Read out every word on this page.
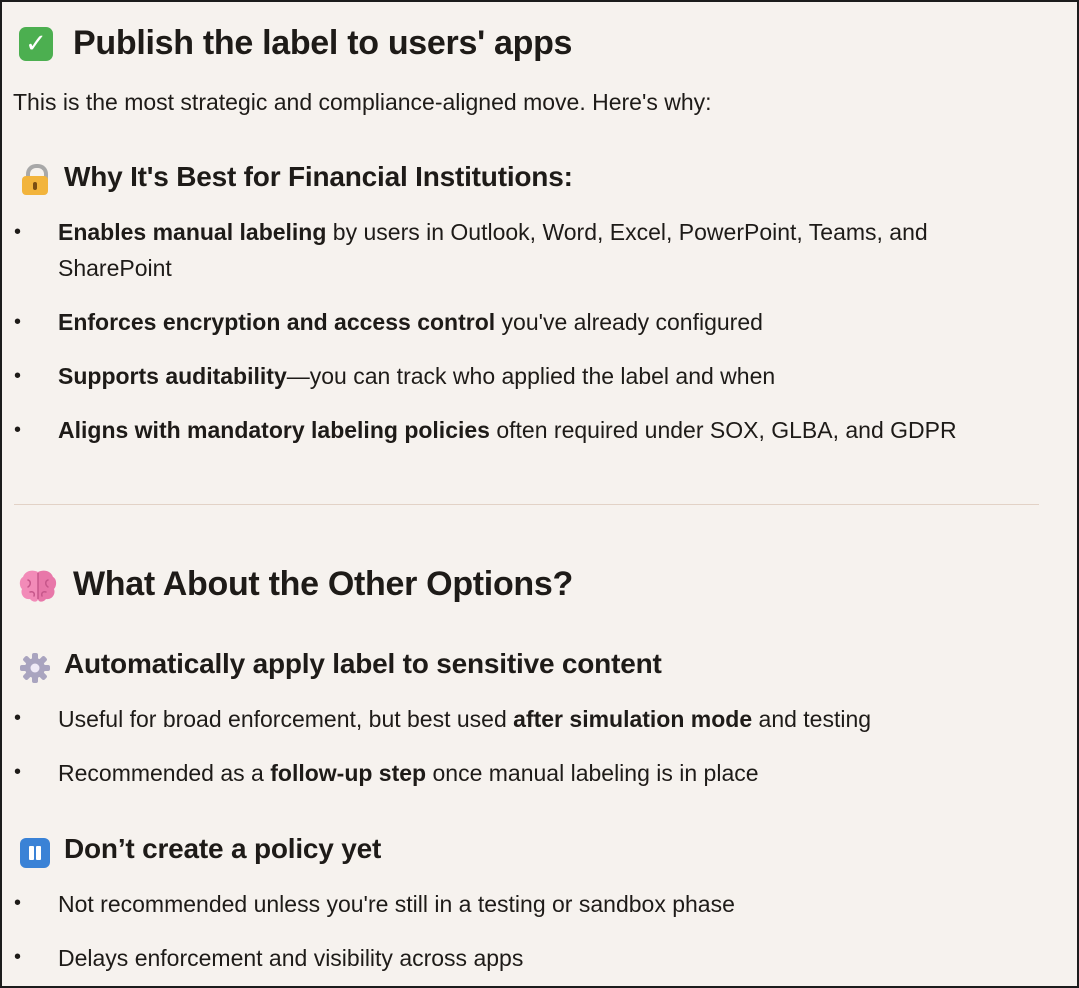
✓ Publish the label to users' apps
This is the most strategic and compliance-aligned move. Here's why:
Why It's Best for Financial Institutions:
• Enables manual labeling by users in Outlook, Word, Excel, PowerPoint, Teams, and SharePoint
• Enforces encryption and access control you've already configured
• Supports auditability—you can track who applied the label and when
• Aligns with mandatory labeling policies often required under SOX, GLBA, and GDPR
What About the Other Options?
Automatically apply label to sensitive content
• Useful for broad enforcement, but best used after simulation mode and testing
• Recommended as a follow-up step once manual labeling is in place
Don’t create a policy yet
• Not recommended unless you're still in a testing or sandbox phase
• Delays enforcement and visibility across apps
